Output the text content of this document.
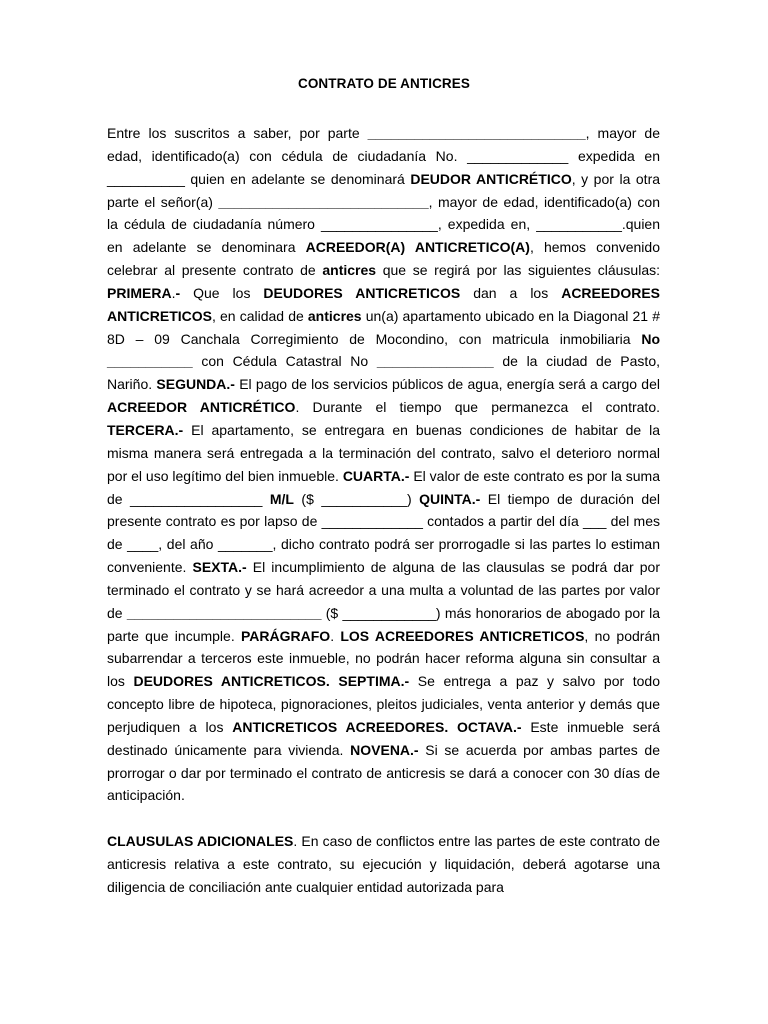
CONTRATO DE ANTICRES

Entre los suscritos a saber, por parte ____________________________, mayor de edad, identificado(a) con cédula de ciudadanía No. _____________ expedida en __________ quien en adelante se denominará DEUDOR ANTICRÉTICO, y por la otra parte el señor(a) ___________________________, mayor de edad, identificado(a) con la cédula de ciudadanía número _______________, expedida en, ___________.quien en adelante se denominara ACREEDOR(A) ANTICRETICO(A), hemos convenido celebrar al presente contrato de anticres que se regirá por las siguientes cláusulas: PRIMERA.- Que los DEUDORES ANTICRETICOS dan a los ACREEDORES ANTICRETICOS, en calidad de anticres un(a) apartamento ubicado en la Diagonal 21 # 8D – 09 Canchala Corregimiento de Mocondino, con matricula inmobiliaria No ___________ con Cédula Catastral No _______________ de la ciudad de Pasto, Nariño. SEGUNDA.- El pago de los servicios públicos de agua, energía será a cargo del ACREEDOR ANTICRÉTICO. Durante el tiempo que permanezca el contrato. TERCERA.- El apartamento, se entregara en buenas condiciones de habitar de la misma manera será entregada a la terminación del contrato, salvo el deterioro normal por el uso legítimo del bien inmueble. CUARTA.- El valor de este contrato es por la suma de _________________ M/L ($ ___________) QUINTA.- El tiempo de duración del presente contrato es por lapso de _____________ contados a partir del día ___ del mes de ____, del año _______, dicho contrato podrá ser prorrogadle si las partes lo estiman conveniente. SEXTA.- El incumplimiento de alguna de las clausulas se podrá dar por terminado el contrato y se hará acreedor a una multa a voluntad de las partes por valor de _________________________ ($ ____________) más honorarios de abogado por la parte que incumple. PARÁGRAFO. LOS ACREEDORES ANTICRETICOS, no podrán subarrendar a terceros este inmueble, no podrán hacer reforma alguna sin consultar a los DEUDORES ANTICRETICOS. SEPTIMA.- Se entrega a paz y salvo por todo concepto libre de hipoteca, pignoraciones, pleitos judiciales, venta anterior y demás que perjudiquen a los ANTICRETICOS ACREEDORES. OCTAVA.- Este inmueble será destinado únicamente para vivienda. NOVENA.- Si se acuerda por ambas partes de prorrogar o dar por terminado el contrato de anticresis se dará a conocer con 30 días de anticipación.

CLAUSULAS ADICIONALES. En caso de conflictos entre las partes de este contrato de anticresis relativa a este contrato, su ejecución y liquidación, deberá agotarse una diligencia de conciliación ante cualquier entidad autorizada para
